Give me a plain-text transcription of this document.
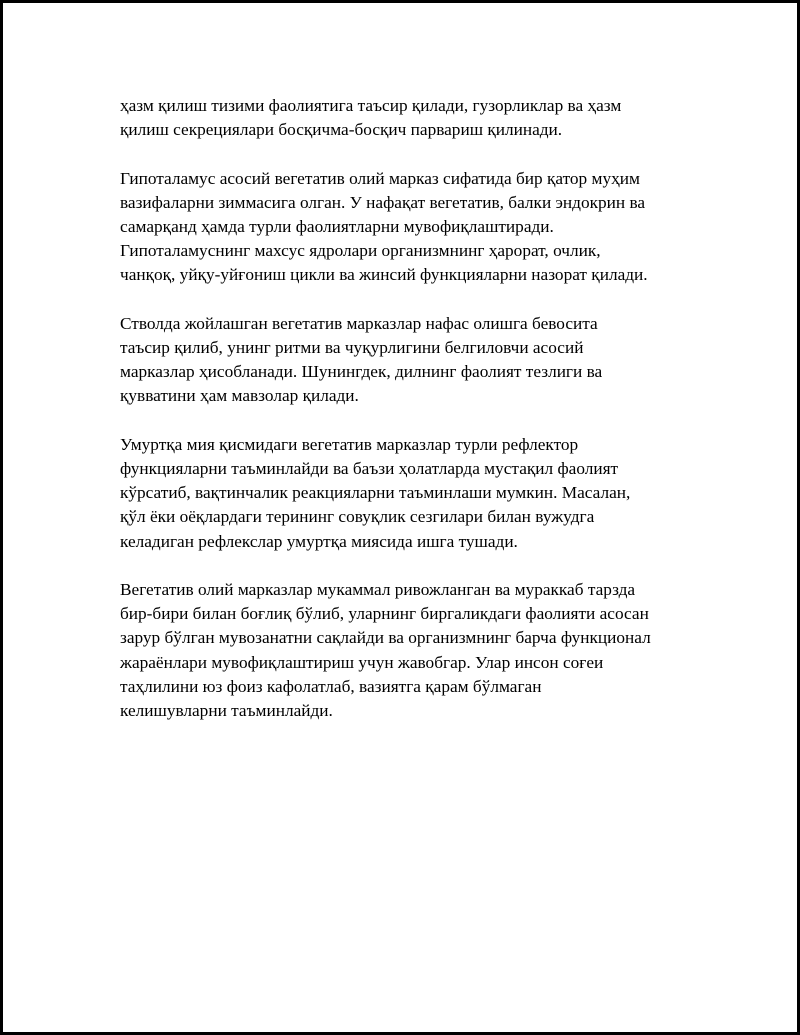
ҳазм қилиш тизими фаолиятига таъсир қилади, гузорликлар ва ҳазм
қилиш секрециялари босқичма-босқич парвариш қилинади.

Гипоталамус асосий вегетатив олий марказ сифатида бир қатор муҳим
вазифаларни зиммасига олган. У нафақат вегетатив, балки эндокрин ва
самарқанд ҳамда турли фаолиятларни мувофиқлаштиради.
Гипоталамуснинг махсус ядролари организмнинг ҳарорат, очлик,
чанқоқ, уйқу-уйғониш цикли ва жинсий функцияларни назорат қилади.

Стволда жойлашган вегетатив марказлар нафас олишга бевосита
таъсир қилиб, унинг ритми ва чуқурлигини белгиловчи асосий
марказлар ҳисобланади. Шунингдек, дилнинг фаолият тезлиги ва
қувватини ҳам мавзолар қилади.

Умуртқа мия қисмидаги вегетатив марказлар турли рефлектор
функцияларни таъминлайди ва баъзи ҳолатларда мустақил фаолият
кўрсатиб, вақтинчалик реакцияларни таъминлаши мумкин. Масалан,
қўл ёки оёқлардаги терининг совуқлик сезгилари билан вужудга
келадиган рефлекслар умуртқа миясида ишга тушади.

Вегетатив олий марказлар мукаммал ривожланган ва мураккаб тарзда
бир-бири билан боғлиқ бўлиб, уларнинг биргаликдаги фаолияти асосан
зарур бўлган мувозанатни сақлайди ва организмнинг барча функционал
жараёнлари мувофиқлаштириш учун жавобгар. Улар инсон соғеи
таҳлилини юз фоиз кафолатлаб, вазиятга қарам бўлмаган
келишувларни таъминлайди.
